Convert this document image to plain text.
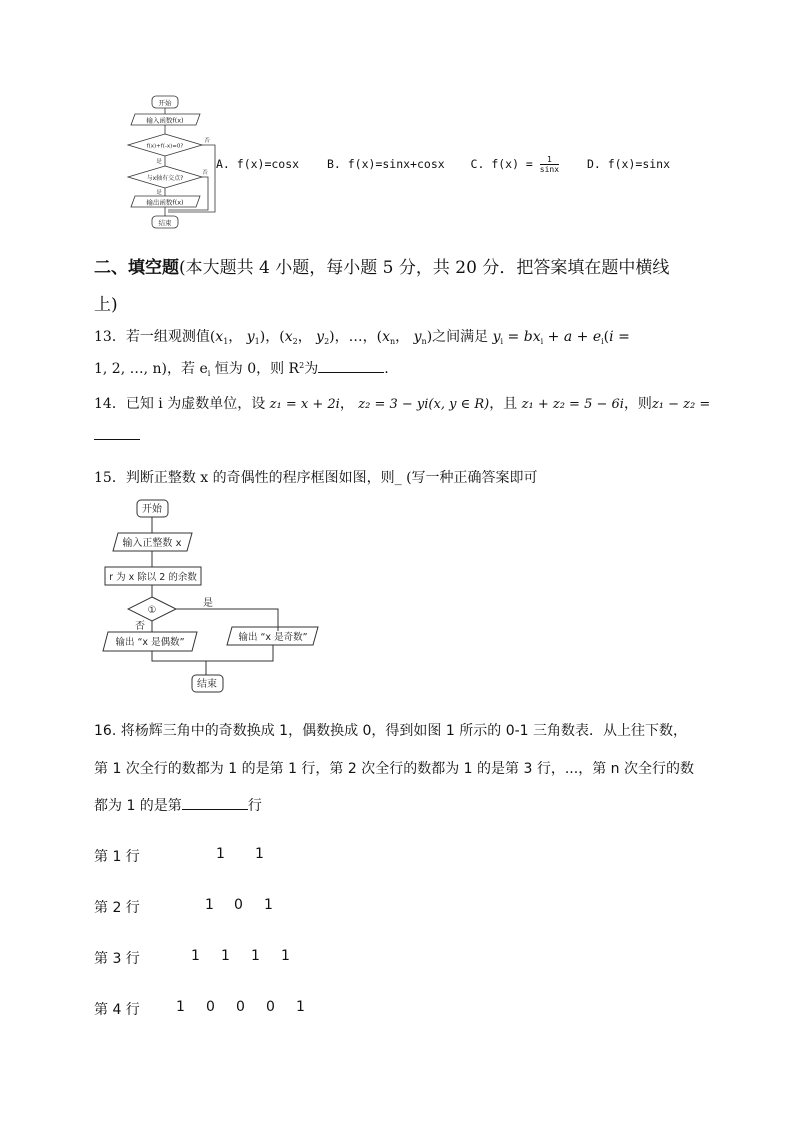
开始
输入函数f(x)
f(x)+f(-x)=0?
是
与x轴有交点?
是
否
否
输出函数f(x)
结束
A. f(x)=cosx B. f(x)=sinx+cosx C. $f(x) = \frac{1}{\sin x} D$. f(x)=sinx
二、填空题(本大题共 4 小题，每小题 5 分，共 20 分．把答案填在题中横线
上)
13．若一组观测值($x_1$， $y_1$)，($x_2$， $y_2$)，…，($x_n$， $y_n$)之间满足 $y_i = bx_i + a + e_i(i$ =
1, 2, …, n)，若 $e_i$ 恒为 0，则 $R^2$为	.
14．已知 i 为虚数单位，设 z₁ = x + 2i， z₂ = 3 − yi(x, y ∈ R)，且 z₁ + z₂ = 5 − 6i，则z₁ − z₂ =
15．判断正整数 x 的奇偶性的程序框图如图，则_ (写一种正确答案即可
开始
输入正整数 x
r 为 x 除以 2 的余数
①
是
否
输出 “x 是偶数”	输出 “x 是奇数”
结束
16. 将杨辉三角中的奇数换成 1，偶数换成 0，得到如图 1 所示的 0-1 三角数表．从上往下数，
第 1 次全行的数都为 1 的是第 1 行，第 2 次全行的数都为 1 的是第 3 行，...，第 n 次全行的数
都为 1 的是第	行
第 1 行	1 1
第 2 行	1 0 1
第 3 行	1 1 1 1
第 4 行	1 0 0 0 1
